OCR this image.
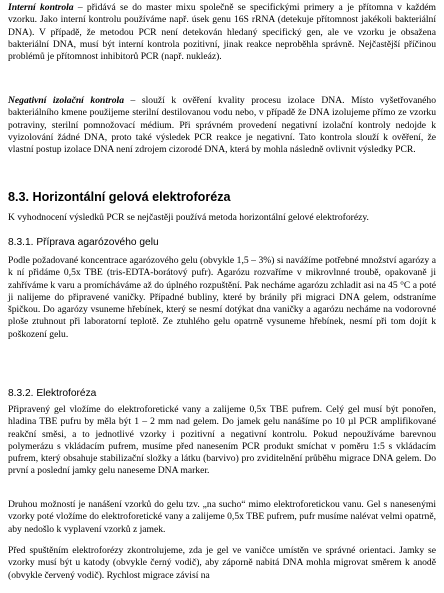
Interní kontrola – přidává se do master mixu společně se specifickými primery a je přítomna v každém vzorku. Jako interní kontrolu používáme např. úsek genu 16S rRNA (detekuje přítomnost jakékoli bakteriální DNA). V případě, že metodou PCR není detekován hledaný specifický gen, ale ve vzorku je obsažena bakteriální DNA, musí být interní kontrola pozitivní, jinak reakce neproběhla správně. Nejčastější příčinou problémů je přítomnost inhibitorů PCR (např. nukleáz).

Negativní izolační kontrola – slouží k ověření kvality procesu izolace DNA. Místo vyšetřovaného bakteriálního kmene použijeme sterilní destilovanou vodu nebo, v případě že DNA izolujeme přímo ze vzorku potraviny, sterilní pomnožovací médium. Při správném provedení negativní izolační kontroly nedojde k vyizolování žádné DNA, proto také výsledek PCR reakce je negativní. Tato kontrola slouží k ověření, že vlastní postup izolace DNA není zdrojem cizorodé DNA, která by mohla následně ovlivnit výsledky PCR.

8.3. Horizontální gelová elektroforéza

K vyhodnocení výsledků PCR se nejčastěji používá metoda horizontální gelové elektroforézy.

8.3.1. Příprava agarózového gelu

Podle požadované koncentrace agarózového gelu (obvykle 1,5 – 3%) si navážíme potřebné množství agarózy a k ní přidáme 0,5x TBE (tris-EDTA-borátový pufr). Agarózu rozvaříme v mikrovlnné troubě, opakovaně ji zahříváme k varu a promícháváme až do úplného rozpuštění. Pak necháme agarózu zchladit asi na 45 °C a poté ji nalijeme do připravené vaničky. Případné bubliny, které by bránily při migraci DNA gelem, odstraníme špičkou. Do agarózy vsuneme hřebínek, který se nesmí dotýkat dna vaničky a agarózu necháme na vodorovné ploše ztuhnout při laboratorní teplotě. Ze ztuhlého gelu opatrně vysuneme hřebínek, nesmí při tom dojít k poškození gelu.

8.3.2. Elektroforéza

Připravený gel vložíme do elektroforetické vany a zalijeme 0,5x TBE pufrem. Celý gel musí být ponořen, hladina TBE pufru by měla být 1 – 2 mm nad gelem. Do jamek gelu nanášíme po 10 µl PCR amplifikované reakční směsi, a to jednotlivé vzorky i pozitivní a negativní kontrolu. Pokud nepoužíváme barevnou polymerázu s vkládacím pufrem, musíme před nanesením PCR produkt smíchat v poměru 1:5 s vkládacím pufrem, který obsahuje stabilizační složky a látku (barvivo) pro zviditelnění průběhu migrace DNA gelem. Do první a poslední jamky gelu naneseme DNA marker.

Druhou možností je nanášení vzorků do gelu tzv. „na sucho“ mimo elektroforetickou vanu. Gel s nanesenými vzorky poté vložíme do elektroforetické vany a zalijeme 0,5x TBE pufrem, pufr musíme nalévat velmi opatrně, aby nedošlo k vyplavení vzorků z jamek.

Před spuštěním elektroforézy zkontrolujeme, zda je gel ve vaničce umístěn ve správné orientaci. Jamky se vzorky musí být u katody (obvykle černý vodič), aby záporně nabitá DNA mohla migrovat směrem k anodě (obvykle červený vodič). Rychlost migrace závisí na
